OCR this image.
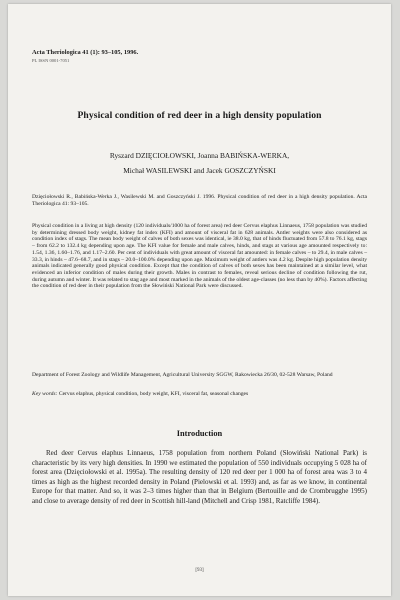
Acta Theriologica 41 (1): 93–105, 1996.
PL ISSN 0001-7051
Physical condition of red deer in a high density population
Ryszard DZIĘCIOŁOWSKI, Joanna BABIŃSKA-WERKA,
Michał WASILEWSKI and Jacek GOSZCZYŃSKI
Dzięciołowski R., Babińska-Werka J., Wasilewski M. and Goszczyński J. 1996. Physical condition of red deer in a high density population. Acta Theriologica 41: 93–105.
Physical condition in a living at high density (120 individuals/1000 ha of forest area) red deer Cervus elaphus Linnaeus, 1758 population was studied by determining dressed body weight, kidney fat index (KFI) and amount of visceral fat in 628 animals. Antler weights were also considered as condition index of stags. The mean body weight of calves of both sexes was identical, ie 38.0 kg, that of hinds fluctuated from 57.8 to 76.1 kg, stags – from 62.2 to 132.4 kg depending upon age. The KFI value for female and male calves, hinds, and stags at various age amounted respectively to: 1.54, 1.36, 1.60–1.76, and 1.17–2.60. Per cent of individuals with great amount of visceral fat amounted: in female calves – to 29.4, in male calves – 33.3, in hinds – 47.6–68.7, and in stags – 20.0–100.0% depending upon age. Maximum weight of antlers was 4.2 kg. Despite high population density animals indicated generally good physical condition. Except that the condition of calves of both sexes has been maintained at a similar level, what evidenced an inferior condition of males during their growth. Males in contrast to females, reveal serious decline of condition following the rut, during autumn and winter. It was related to stag age and most marked in the animals of the oldest age-classes (no less than by 40%). Factors affecting the condition of red deer in their population from the Słowiński National Park were discussed.
Department of Forest Zoology and Wildlife Management, Agricultural University SGGW, Rakowiecka 26/30, 02-528 Warsaw, Poland
Key words: Cervus elaphus, physical condition, body weight, KFI, visceral fat, seasonal changes
Introduction
Red deer Cervus elaphus Linnaeus, 1758 population from northern Poland (Słowiński National Park) is characteristic by its very high densities. In 1990 we estimated the population of 550 individuals occupying 5 028 ha of forest area (Dzięciołowski et al. 1995a). The resulting density of 120 red deer per 1 000 ha of forest area was 3 to 4 times as high as the highest recorded density in Poland (Pielowski et al. 1993) and, as far as we know, in continental Europe for that matter. And so, it was 2–3 times higher than that in Belgium (Bertouille and de Crombrugghe 1995) and close to average density of red deer in Scottish hill-land (Mitchell and Crisp 1981, Ratcliffe 1984).
[93]
